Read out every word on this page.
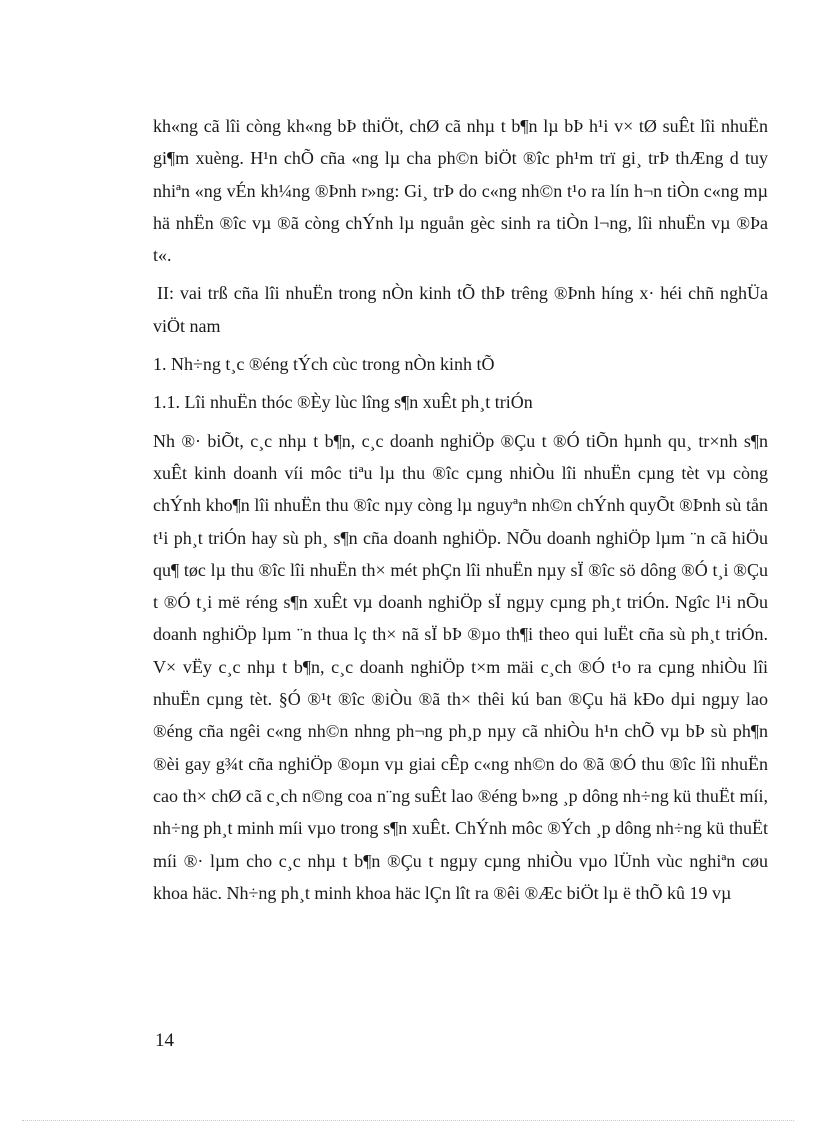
kh«ng cã lîi còng kh«ng bÞ thiÖt, chØ cã nhµ t b¶n lµ bÞ h¹i v× tØ suÊt lîi nhuËn gi¶m xuèng. H¹n chÕ cña «ng lµ cha ph©n biÖt ®îc ph¹m trï gi¸ trÞ thÆng d tuy nhiªn «ng vÉn kh¼ng ®Þnh r»ng: Gi¸ trÞ do c«ng nh©n t¹o ra lín h¬n tiÒn c«ng mµ hä nhËn ®îc vµ ®ã còng chÝnh lµ nguån gèc sinh ra tiÒn l¬ng, lîi nhuËn vµ ®Þa t«.

II: vai trß cña lîi nhuËn trong nÒn kinh tÕ thÞ trêng ®Þnh híng x· héi chñ nghÜa viÖt nam

1. Nh÷ng t¸c ®éng tÝch cùc trong nÒn kinh tÕ

1.1. Lîi nhuËn thóc ®Èy lùc lîng s¶n xuÊt ph¸t triÓn

Nh ®· biÕt, c¸c nhµ t b¶n, c¸c doanh nghiÖp ®Çu t ®Ó tiÕn hµnh qu¸ tr×nh s¶n xuÊt kinh doanh víi môc tiªu lµ thu ®îc cµng nhiÒu lîi nhuËn cµng tèt vµ còng chÝnh kho¶n lîi nhuËn thu ®îc nµy còng lµ nguyªn nh©n chÝnh quyÕt ®Þnh sù tån t¹i ph¸t triÓn hay sù ph¸ s¶n cña doanh nghiÖp. NÕu doanh nghiÖp lµm ¨n cã hiÖu qu¶ tøc lµ thu ®îc lîi nhuËn th× mét phÇn lîi nhuËn nµy sÏ ®îc sö dông ®Ó t¸i ®Çu t ®Ó t¸i më réng s¶n xuÊt vµ doanh nghiÖp sÏ ngµy cµng ph¸t triÓn. Ngîc l¹i nÕu doanh nghiÖp lµm ¨n thua lç th× nã sÏ bÞ ®µo th¶i theo qui luËt cña sù ph¸t triÓn. V× vËy c¸c nhµ t b¶n, c¸c doanh nghiÖp t×m mäi c¸ch ®Ó t¹o ra cµng nhiÒu lîi nhuËn cµng tèt. §Ó ®¹t ®îc ®iÒu ®ã th× thêi kú ban ®Çu hä kÐo dµi ngµy lao ®éng cña ngêi c«ng nh©n nhng ph¬ng ph¸p nµy cã nhiÒu h¹n chÕ vµ bÞ sù ph¶n ®èi gay g¾t cña nghiÖp ®oµn vµ giai cÊp c«ng nh©n do ®ã ®Ó thu ®îc lîi nhuËn cao th× chØ cã c¸ch n©ng coa n¨ng suÊt lao ®éng b»ng ¸p dông nh÷ng kü thuËt míi, nh÷ng ph¸t minh míi vµo trong s¶n xuÊt. ChÝnh môc ®Ých ¸p dông nh÷ng kü thuËt míi ®· lµm cho c¸c nhµ t b¶n ®Çu t ngµy cµng nhiÒu vµo lÜnh vùc nghiªn cøu khoa häc. Nh÷ng ph¸t minh khoa häc lÇn lît ra ®êi ®Æc biÖt lµ ë thÕ kû 19 vµ

14
